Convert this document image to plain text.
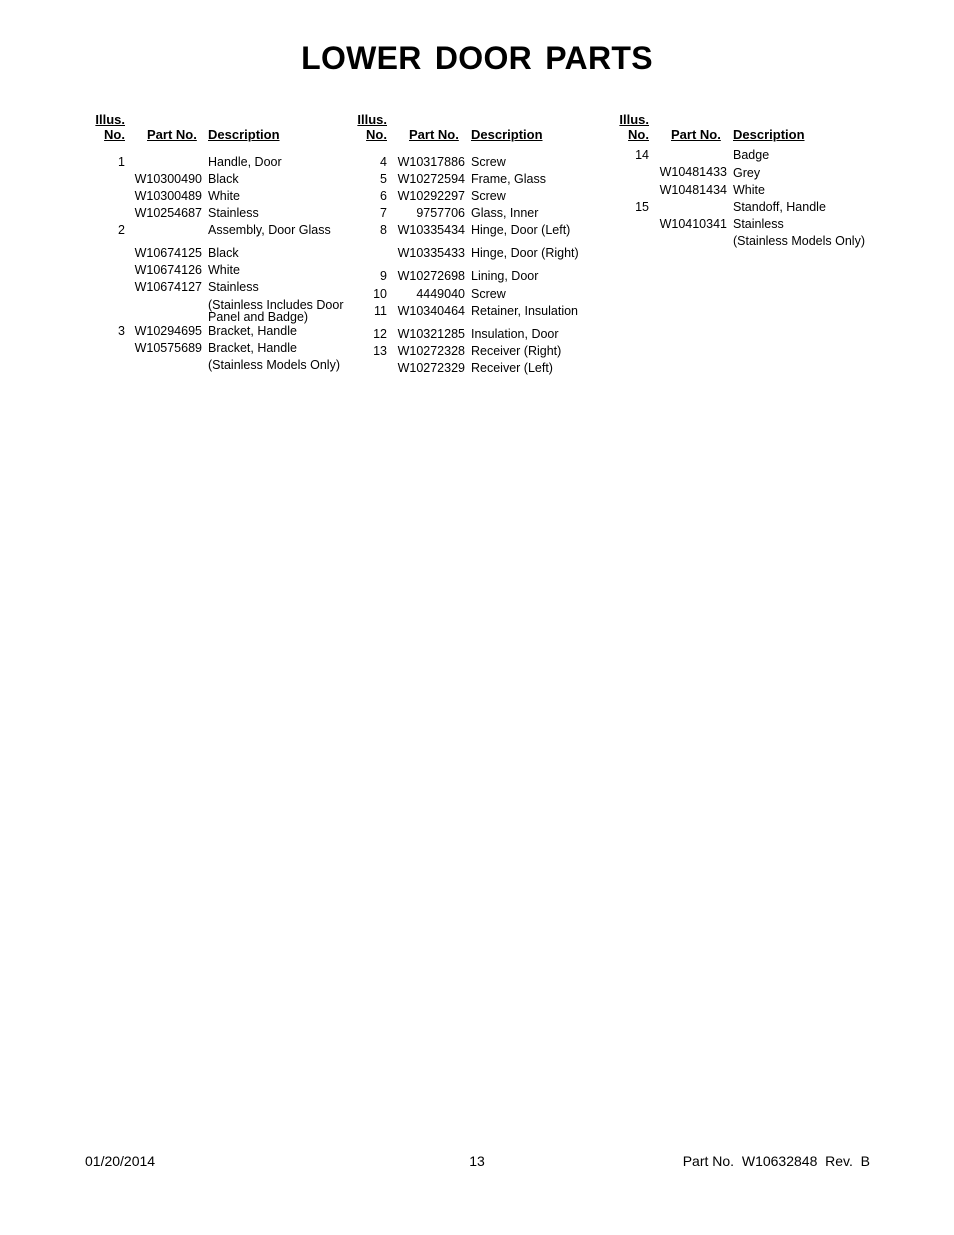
LOWER DOOR PARTS
Illus.
No. Part No. Description
1	Handle, Door
W10300490 Black
W10300489 White
W10254687 Stainless
2	Assembly, Door Glass
W10674125 Black
W10674126 White
W10674127 Stainless
(Stainless Includes Door Panel and Badge)
3 W10294695 Bracket, Handle
W10575689 Bracket, Handle
(Stainless Models Only)
Illus.
No. Part No. Description
4 W10317886 Screw
5 W10272594 Frame, Glass
6 W10292297 Screw
7	9757706 Glass, Inner
8 W10335434 Hinge, Door (Left)
W10335433 Hinge, Door (Right)
9 W10272698 Lining, Door
10	4449040 Screw
11 W10340464 Retainer, Insulation
12 W10321285 Insulation, Door
13 W10272328 Receiver (Right)
W10272329 Receiver (Left)
Illus.
No. Part No. Description
14	Badge
W10481433 Grey
W10481434 White
15	Standoff, Handle
W10410341 Stainless
(Stainless Models Only)
01/20/2014	13	Part No.  W10632848  Rev.  B
